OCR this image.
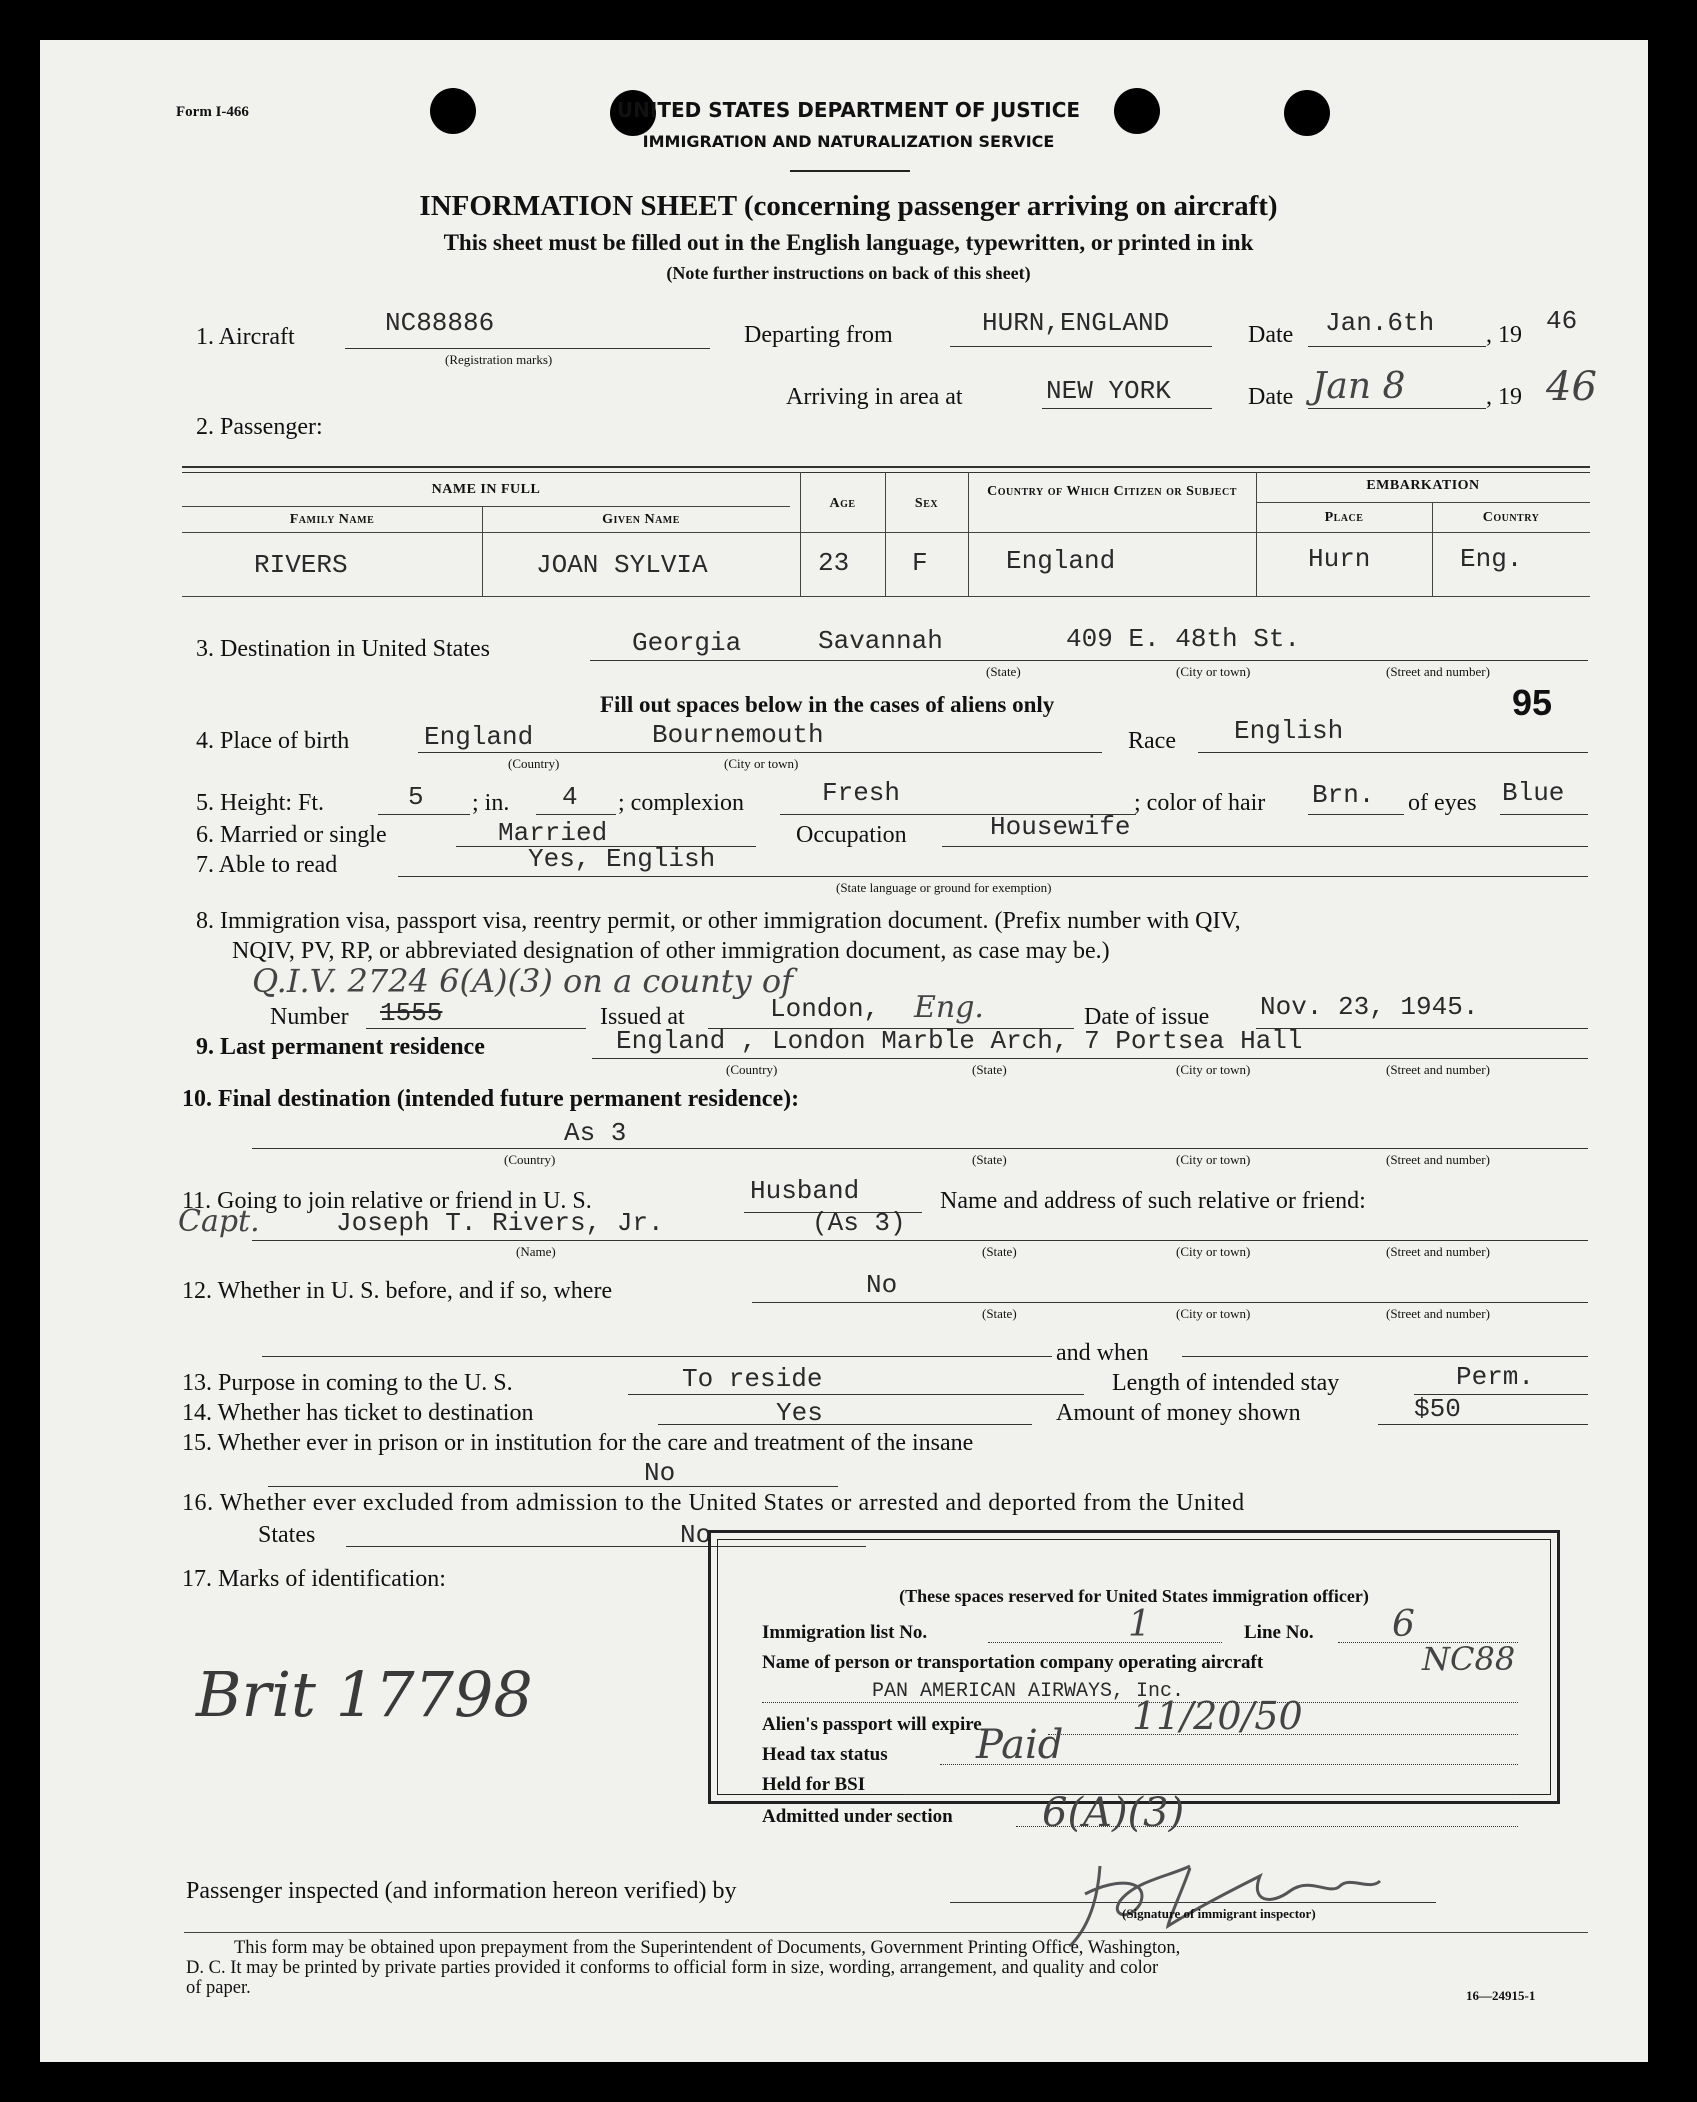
Form I-466	UNITED STATES DEPARTMENT OF JUSTICE
IMMIGRATION AND NATURALIZATION SERVICE
INFORMATION SHEET (concerning passenger arriving on aircraft)
This sheet must be filled out in the English language, typewritten, or printed in ink
(Note further instructions on back of this sheet)
1. Aircraft	NC88886
(Registration marks)
Departing from	HURN,ENGLAND	Date Jan.6th , 19 46
Arriving in area at	NEW YORK	Date Jan 8	, 19 46
2. Passenger:
NAME IN FULL
Family Name	Given Name
Age	Sex
Country of Which Citizen or Subject	EMBARKATION
Place	Country
RIVERS	JOAN SYLVIA	23 F	England	Hurn	Eng.
3. Destination in United States	Georgia	Savannah	409 E. 48th St.
(State)	(City or town)	(Street and number)
Fill out spaces below in the cases of aliens only	95
4. Place of birth	England	Bournemouth
(Country)	(City or town)
Race English
5. Height: Ft.	5 ; in. 4 ; complexion	Fresh	; color of hair Brn. of eyes Blue
6. Married or single	Married	Occupation	Housewife
7. Able to read	Yes, English
(State language or ground for exemption)
8. Immigration visa, passport visa, reentry permit, or other immigration document. (Prefix number with QIV,
NQIV, PV, RP, or abbreviated designation of other immigration document, as case may be.)
Q.I.V. 2724 6(A)(3) on a county of
Number 1555	Issued at	London, Eng.	Date of issue Nov. 23, 1945.
9. Last permanent residence	England , London Marble Arch, 7 Portsea Hall
(Country)	(State)	(City or town)	(Street and number)
10. Final destination (intended future permanent residence):
As 3
(Country)	(State)	(City or town)	(Street and number)
11. Going to join relative or friend in U. S.	Husband	Name and address of such relative or friend:
Capt.	Joseph T. Rivers, Jr.	(As 3)
(Name)	(State)	(City or town)	(Street and number)
12. Whether in U. S. before, and if so, where	No
(State)	(City or town)	(Street and number)
and when
13. Purpose in coming to the U. S.	To reside	Length of intended stay	Perm.
14. Whether has ticket to destination	Yes	Amount of money shown	$50
15. Whether ever in prison or in institution for the care and treatment of the insane
No
16. Whether ever excluded from admission to the United States or arrested and deported from the United
States	No
17. Marks of identification:
Brit 17798
(These spaces reserved for United States immigration officer)
Immigration list No.	1	Line No. 6
Name of person or transportation company operating aircraft	NC88
PAN AMERICAN AIRWAYS, Inc.
Alien's passport will expire	11/20/50
Head tax status Paid
Held for BSI
Admitted under section 6(A)(3)
Passenger inspected (and information hereon verified) by
(Signature of immigrant inspector)
This form may be obtained upon prepayment from the Superintendent of Documents, Government Printing Office, Washington,
D. C. It may be printed by private parties provided it conforms to official form in size, wording, arrangement, and quality and color
of paper.	16—24915-1
